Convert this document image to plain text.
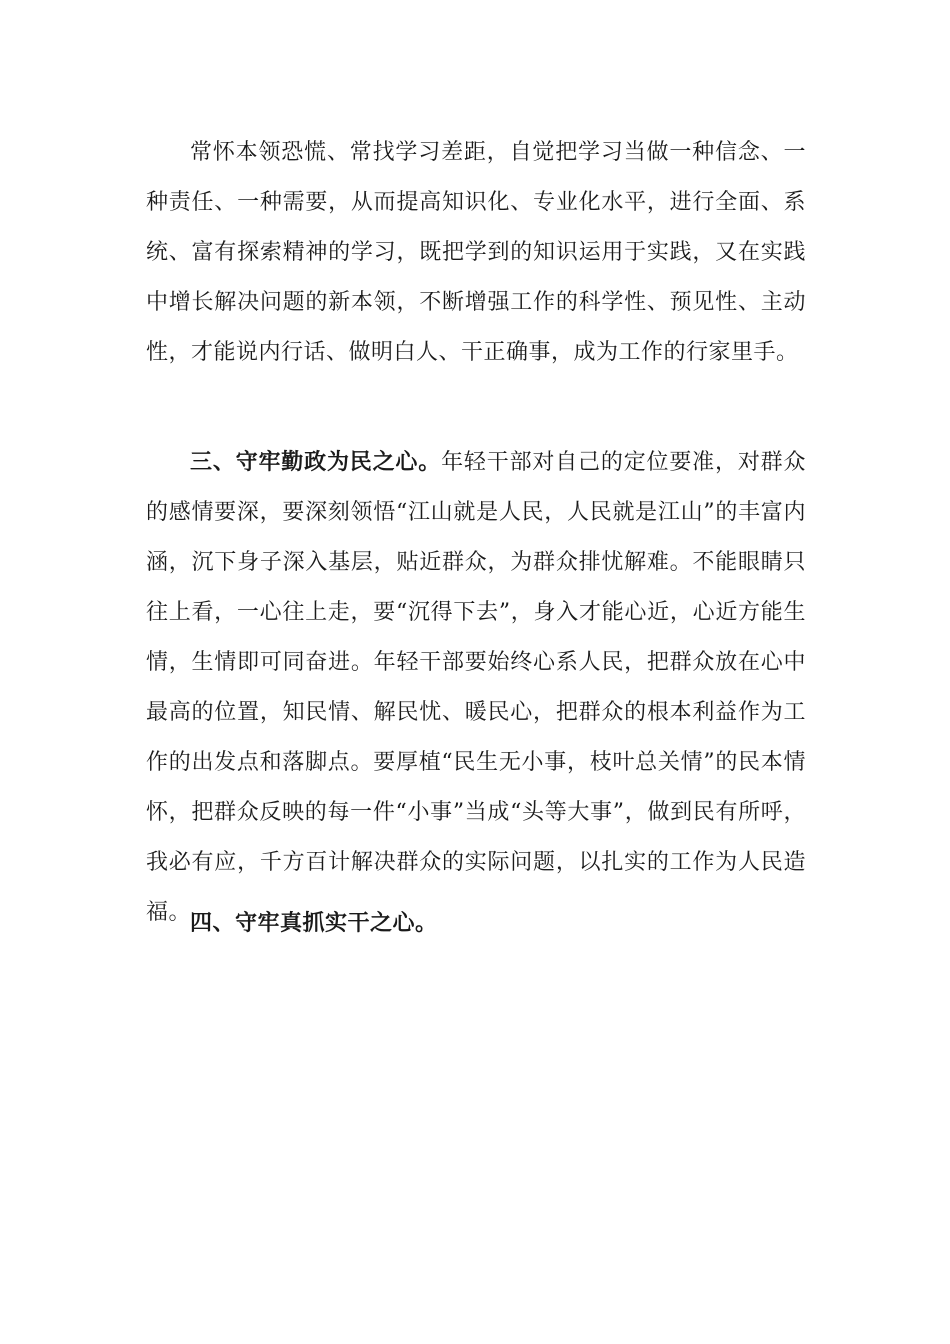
常怀本领恐慌、常找学习差距，自觉把学习当做一种信念、一种责任、一种需要，从而提高知识化、专业化水平，进行全面、系统、富有探索精神的学习，既把学到的知识运用于实践，又在实践中增长解决问题的新本领，不断增强工作的科学性、预见性、主动性，才能说内行话、做明白人、干正确事，成为工作的行家里手。

三、守牢勤政为民之心。年轻干部对自己的定位要准，对群众的感情要深，要深刻领悟“江山就是人民，人民就是江山”的丰富内涵，沉下身子深入基层，贴近群众，为群众排忧解难。不能眼睛只往上看，一心往上走，要“沉得下去”，身入才能心近，心近方能生情，生情即可同奋进。年轻干部要始终心系人民，把群众放在心中最高的位置，知民情、解民忧、暖民心，把群众的根本利益作为工作的出发点和落脚点。要厚植“民生无小事，枝叶总关情”的民本情怀，把群众反映的每一件“小事”当成“头等大事”，做到民有所呼，我必有应，千方百计解决群众的实际问题，以扎实的工作为人民造福。

四、守牢真抓实干之心。
